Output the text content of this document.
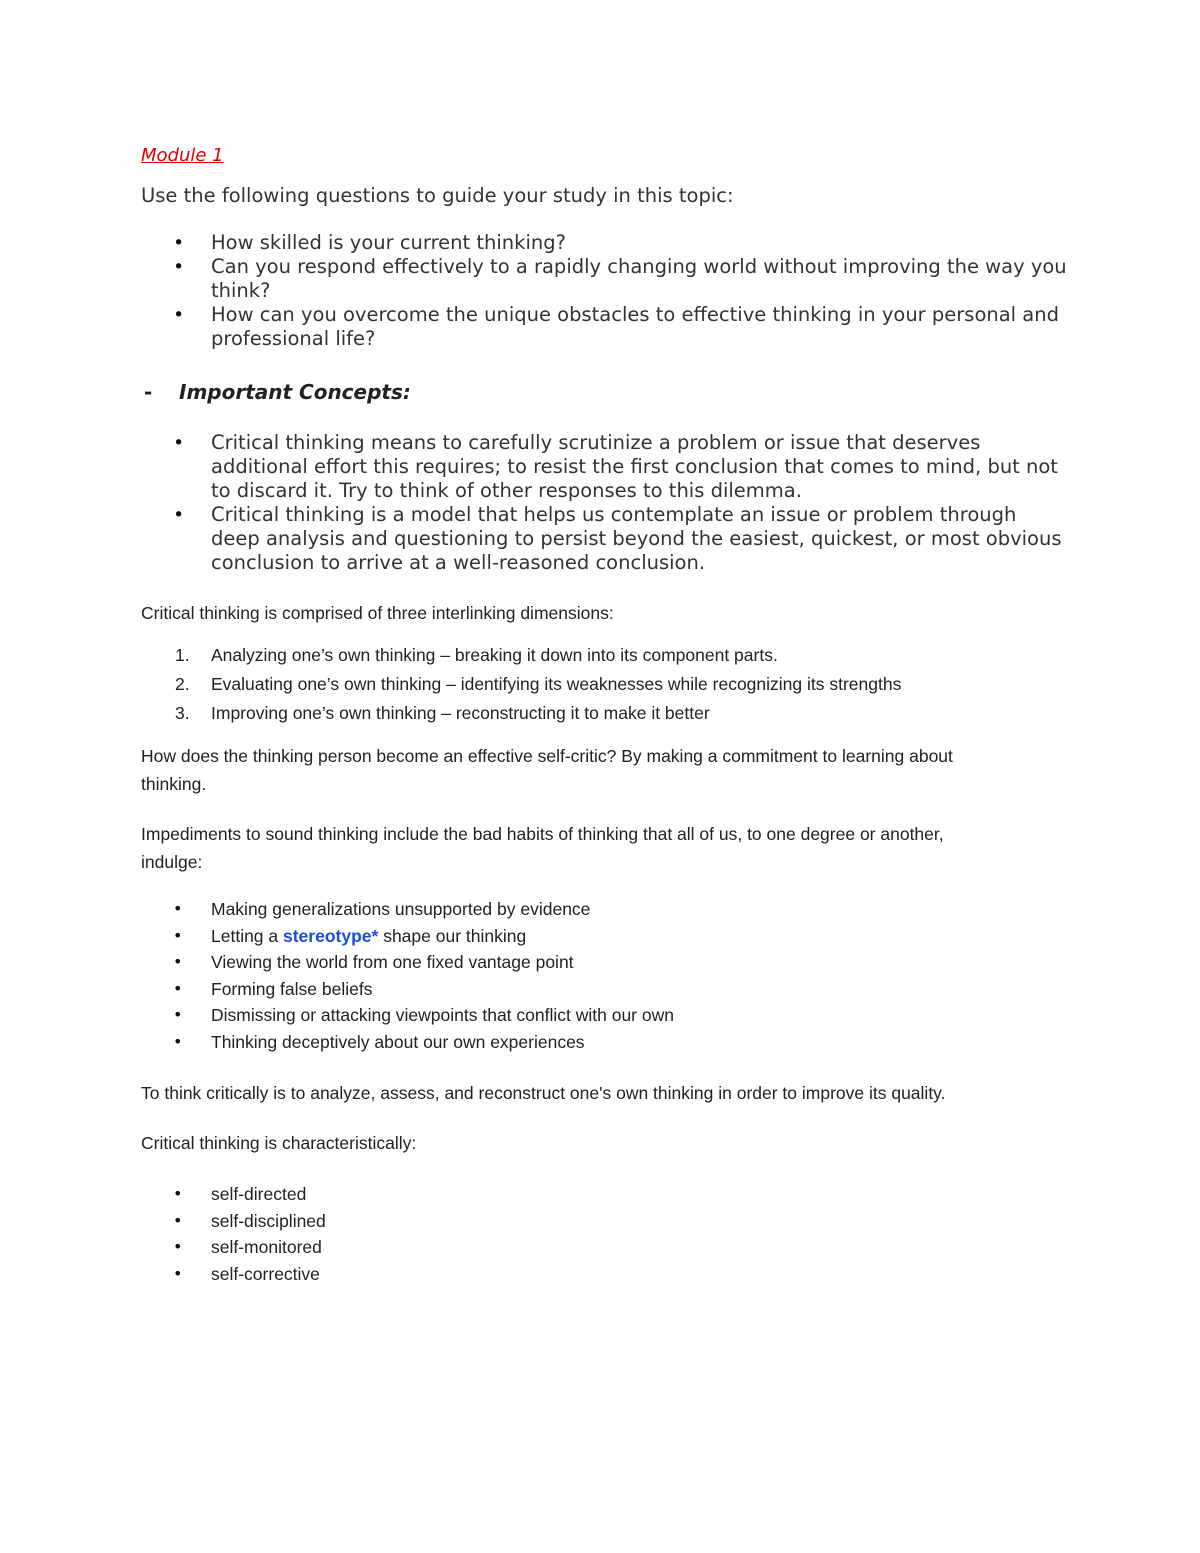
Module 1

Use the following questions to guide your study in this topic:

• How skilled is your current thinking?
• Can you respond effectively to a rapidly changing world without improving the way you think?
• How can you overcome the unique obstacles to effective thinking in your personal and professional life?
- Important Concepts:
• Critical thinking means to carefully scrutinize a problem or issue that deserves additional effort this requires; to resist the first conclusion that comes to mind, but not to discard it. Try to think of other responses to this dilemma.
• Critical thinking is a model that helps us contemplate an issue or problem through deep analysis and questioning to persist beyond the easiest, quickest, or most obvious conclusion to arrive at a well-reasoned conclusion.

Critical thinking is comprised of three interlinking dimensions:

1. Analyzing one’s own thinking – breaking it down into its component parts.
2. Evaluating one’s own thinking – identifying its weaknesses while recognizing its strengths
3. Improving one’s own thinking – reconstructing it to make it better

How does the thinking person become an effective self-critic? By making a commitment to learning about thinking.

Impediments to sound thinking include the bad habits of thinking that all of us, to one degree or another, indulge:

• Making generalizations unsupported by evidence
• Letting a stereotype* shape our thinking
• Viewing the world from one fixed vantage point
• Forming false beliefs
• Dismissing or attacking viewpoints that conflict with our own
• Thinking deceptively about our own experiences

To think critically is to analyze, assess, and reconstruct one's own thinking in order to improve its quality.

Critical thinking is characteristically:

• self-directed
• self-disciplined
• self-monitored
• self-corrective
